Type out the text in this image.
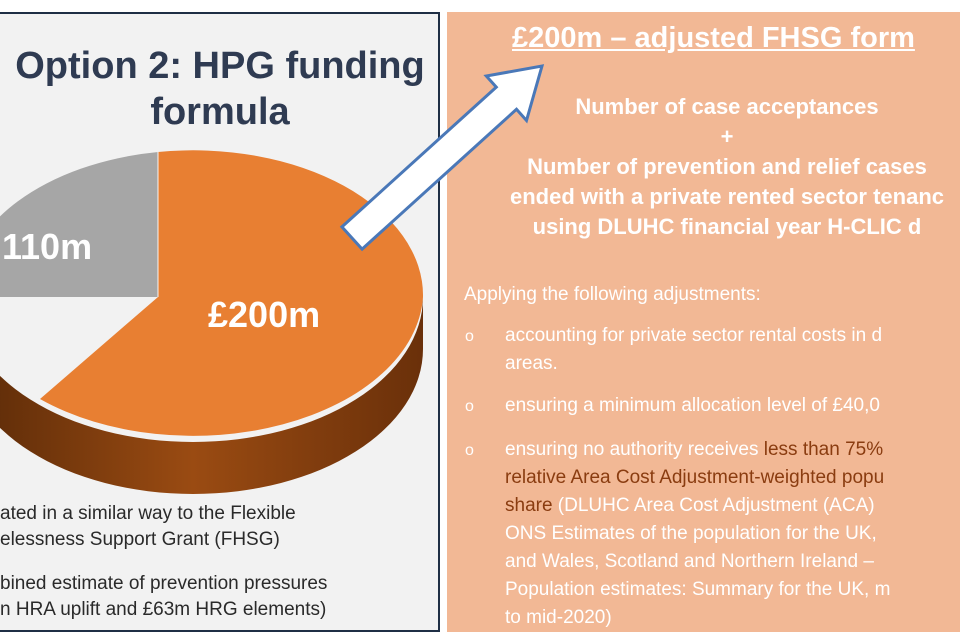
Option 2: HPG funding
formula
110m
£200m
ated in a similar way to the Flexible
elessness Support Grant (FHSG)
bined estimate of prevention pressures
n HRA uplift and £63m HRG elements)
£200m – adjusted FHSG form
Number of case acceptances
+
Number of prevention and relief cases
ended with a private rented sector tenanc
using DLUHC financial year H-CLIC d
Applying the following adjustments:
o accounting for private sector rental costs in d
areas.
o ensuring a minimum allocation level of £40,0
o ensuring no authority receives less than 75%
relative Area Cost Adjustment-weighted popu
share (DLUHC Area Cost Adjustment (ACA)
ONS Estimates of the population for the UK,
and Wales, Scotland and Northern Ireland –
Population estimates: Summary for the UK, m
to mid-2020)
